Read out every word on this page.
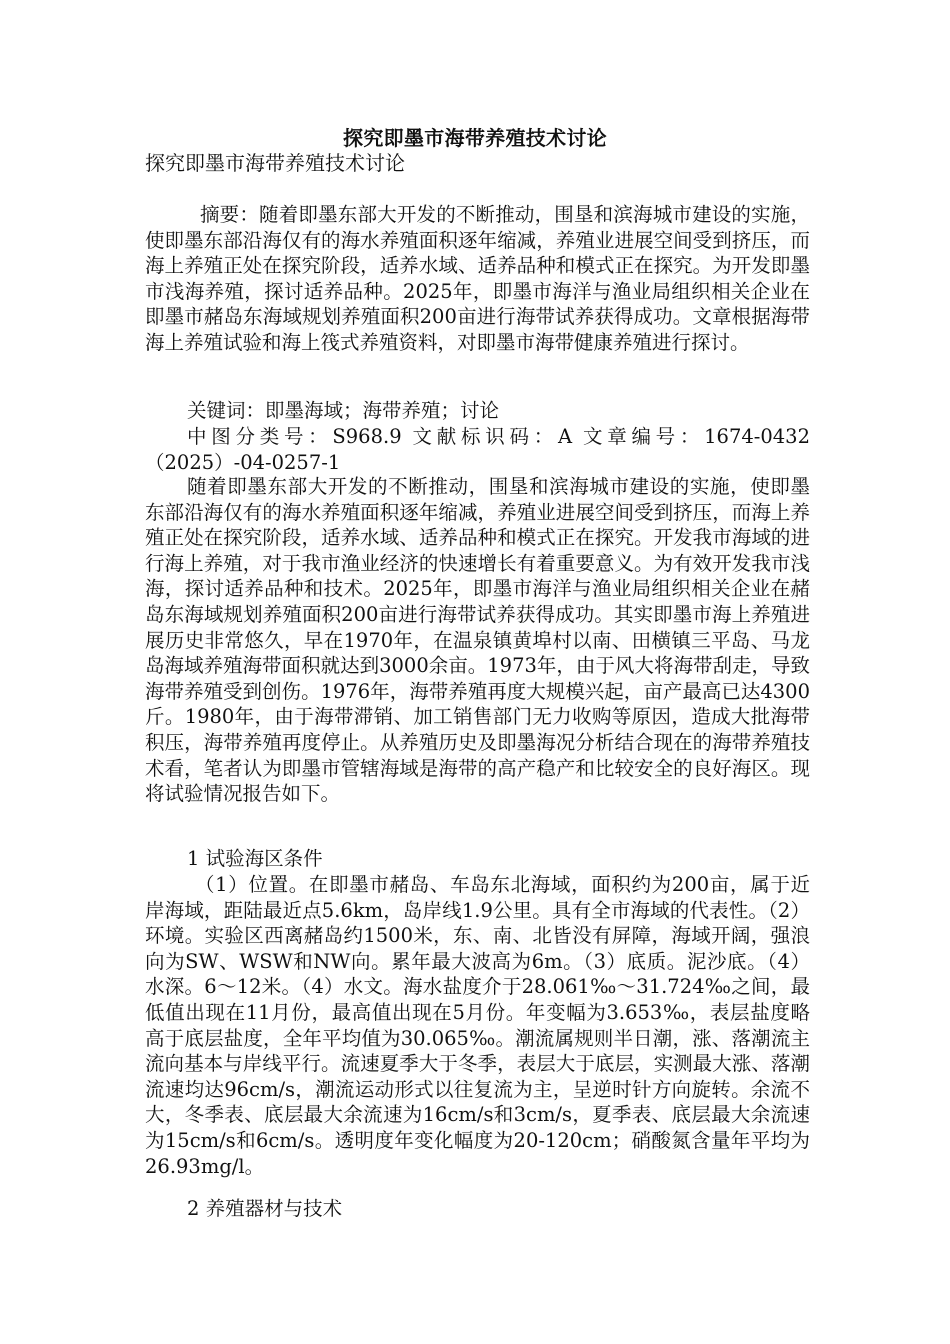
探究即墨市海带养殖技术讨论
探究即墨市海带养殖技术讨论

摘要：随着即墨东部大开发的不断推动，围垦和滨海城市建设的实施，使即墨东部沿海仅有的海水养殖面积逐年缩减，养殖业进展空间受到挤压，而海上养殖正处在探究阶段，适养水域、适养品种和模式正在探究。为开发即墨市浅海养殖，探讨适养品种。2025年，即墨市海洋与渔业局组织相关企业在即墨市赭岛东海域规划养殖面积200亩进行海带试养获得成功。文章根据海带海上养殖试验和海上筏式养殖资料，对即墨市海带健康养殖进行探讨。

关键词：即墨海域；海带养殖；讨论

中图分类号：S968.9 文献标识码：A 文章编号：1674-0432（2025）-04-0257-1

随着即墨东部大开发的不断推动，围垦和滨海城市建设的实施，使即墨东部沿海仅有的海水养殖面积逐年缩减，养殖业进展空间受到挤压，而海上养殖正处在探究阶段，适养水域、适养品种和模式正在探究。开发我市海域的进行海上养殖，对于我市渔业经济的快速增长有着重要意义。为有效开发我市浅海，探讨适养品种和技术。2025年，即墨市海洋与渔业局组织相关企业在赭岛东海域规划养殖面积200亩进行海带试养获得成功。其实即墨市海上养殖进展历史非常悠久，早在1970年，在温泉镇黄埠村以南、田横镇三平岛、马龙岛海域养殖海带面积就达到3000余亩。1973年，由于风大将海带刮走，导致海带养殖受到创伤。1976年，海带养殖再度大规模兴起，亩产最高已达4300斤。1980年，由于海带滞销、加工销售部门无力收购等原因，造成大批海带积压，海带养殖再度停止。从养殖历史及即墨海况分析结合现在的海带养殖技术看，笔者认为即墨市管辖海域是海带的高产稳产和比较安全的良好海区。现将试验情况报告如下。

1 试验海区条件

（1）位置。在即墨市赭岛、车岛东北海域，面积约为200亩，属于近岸海域，距陆最近点5.6km，岛岸线1.9公里。具有全市海域的代表性。（2）环境。实验区西离赭岛约1500米，东、南、北皆没有屏障，海域开阔，强浪向为SW、WSW和NW向。累年最大波高为6m。（3）底质。泥沙底。（4）水深。6～12米。（4）水文。海水盐度介于28.061‰～31.724‰之间，最低值出现在11月份，最高值出现在5月份。年变幅为3.653‰，表层盐度略高于底层盐度，全年平均值为30.065‰。潮流属规则半日潮，涨、落潮流主流向基本与岸线平行。流速夏季大于冬季，表层大于底层，实测最大涨、落潮流速均达96cm/s，潮流运动形式以往复流为主，呈逆时针方向旋转。余流不大，冬季表、底层最大余流速为16cm/s和3cm/s，夏季表、底层最大余流速为15cm/s和6cm/s。透明度年变化幅度为20-120cm；硝酸氮含量年平均为26.93mg/l。

2 养殖器材与技术
